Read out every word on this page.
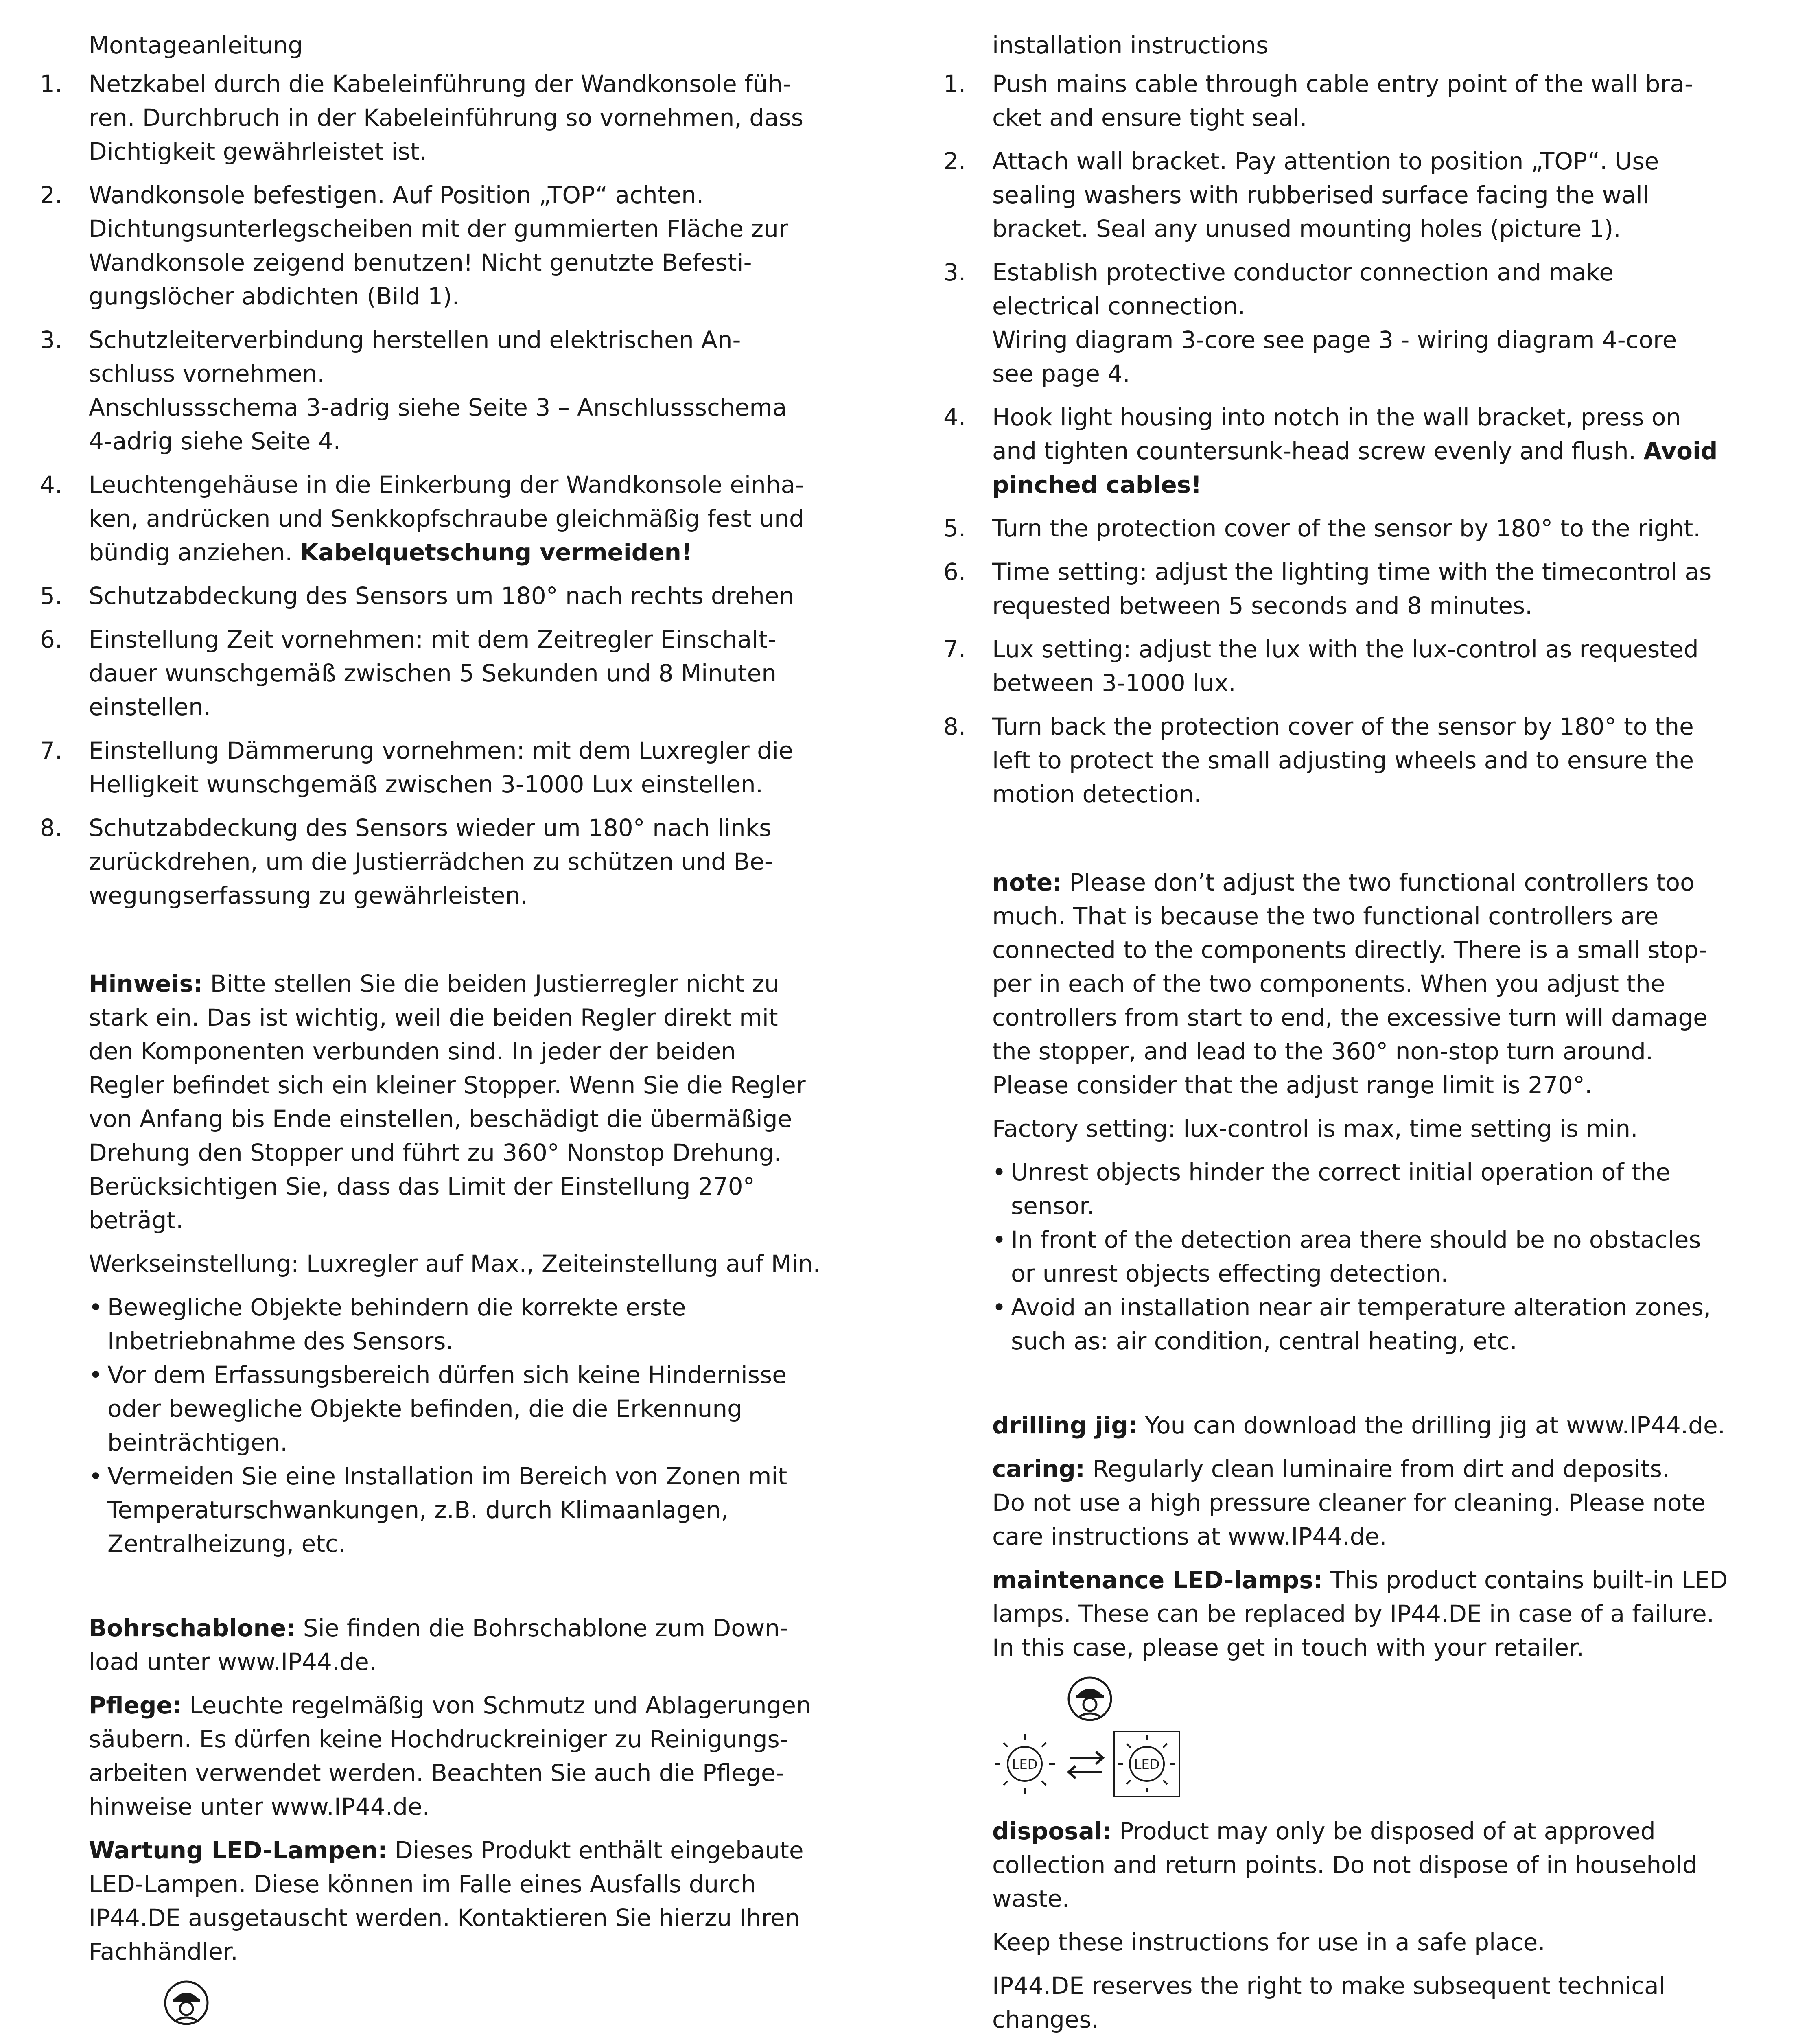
Montageanleitung
1. Netzkabel durch die Kabeleinführung der Wandkonsole füh-
ren. Durchbruch in der Kabeleinführung so vornehmen, dass
Dichtigkeit gewährleistet ist.
2. Wandkonsole befestigen. Auf Position „TOP“ achten.
Dichtungsunterlegscheiben mit der gummierten Fläche zur
Wandkonsole zeigend benutzen! Nicht genutzte Befesti-
gungslöcher abdichten (Bild 1).
3. Schutzleiterverbindung herstellen und elektrischen An-
schluss vornehmen.
Anschlussschema 3-adrig siehe Seite 3 – Anschlussschema
4-adrig siehe Seite 4.
4. Leuchtengehäuse in die Einkerbung der Wandkonsole einha-
ken, andrücken und Senkkopfschraube gleichmäßig fest und
bündig anziehen. Kabelquetschung vermeiden!
5. Schutzabdeckung des Sensors um 180° nach rechts drehen
6. Einstellung Zeit vornehmen: mit dem Zeitregler Einschalt-
dauer wunschgemäß zwischen 5 Sekunden und 8 Minuten
einstellen.
7. Einstellung Dämmerung vornehmen: mit dem Luxregler die
Helligkeit wunschgemäß zwischen 3-1000 Lux einstellen.
8. Schutzabdeckung des Sensors wieder um 180° nach links
zurückdrehen, um die Justierrädchen zu schützen und Be-
wegungserfassung zu gewährleisten.
Hinweis: Bitte stellen Sie die beiden Justierregler nicht zu
stark ein. Das ist wichtig, weil die beiden Regler direkt mit
den Komponenten verbunden sind. In jeder der beiden
Regler befindet sich ein kleiner Stopper. Wenn Sie die Regler
von Anfang bis Ende einstellen, beschädigt die übermäßige
Drehung den Stopper und führt zu 360° Nonstop Drehung.
Berücksichtigen Sie, dass das Limit der Einstellung 270°
beträgt.
Werkseinstellung: Luxregler auf Max., Zeiteinstellung auf Min.
• Bewegliche Objekte behindern die korrekte erste
Inbetriebnahme des Sensors.
• Vor dem Erfassungsbereich dürfen sich keine Hindernisse
oder bewegliche Objekte befinden, die die Erkennung
beinträchtigen.
• Vermeiden Sie eine Installation im Bereich von Zonen mit
Temperaturschwankungen, z.B. durch Klimaanlagen,
Zentralheizung, etc.
Bohrschablone: Sie finden die Bohrschablone zum Down-
load unter www.IP44.de.
Pflege: Leuchte regelmäßig von Schmutz und Ablagerungen
säubern. Es dürfen keine Hochdruckreiniger zu Reinigungs-
arbeiten verwendet werden. Beachten Sie auch die Pflege-
hinweise unter www.IP44.de.
Wartung LED-Lampen: Dieses Produkt enthält eingebaute
LED-Lampen. Diese können im Falle eines Ausfalls durch
IP44.DE ausgetauscht werden. Kontaktieren Sie hierzu Ihren
Fachhändler.
installation instructions
1. Push mains cable through cable entry point of the wall bra-
cket and ensure tight seal.
2. Attach wall bracket. Pay attention to position „TOP“. Use
sealing washers with rubberised surface facing the wall
bracket. Seal any unused mounting holes (picture 1).
3. Establish protective conductor connection and make
electrical connection.
Wiring diagram 3-core see page 3 - wiring diagram 4-core
see page 4.
4. Hook light housing into notch in the wall bracket, press on
and tighten countersunk-head screw evenly and flush. Avoid
pinched cables!
5. Turn the protection cover of the sensor by 180° to the right.
6. Time setting: adjust the lighting time with the timecontrol as
requested between 5 seconds and 8 minutes.
7. Lux setting: adjust the lux with the lux-control as requested
between 3-1000 lux.
8. Turn back the protection cover of the sensor by 180° to the
left to protect the small adjusting wheels and to ensure the
motion detection.
note: Please don’t adjust the two functional controllers too
much. That is because the two functional controllers are
connected to the components directly. There is a small stop-
per in each of the two components. When you adjust the
controllers from start to end, the excessive turn will damage
the stopper, and lead to the 360° non-stop turn around.
Please consider that the adjust range limit is 270°.
Factory setting: lux-control is max, time setting is min.
• Unrest objects hinder the correct initial operation of the
sensor.
• In front of the detection area there should be no obstacles
or unrest objects effecting detection.
• Avoid an installation near air temperature alteration zones,
such as: air condition, central heating, etc.
drilling jig: You can download the drilling jig at www.IP44.de.
caring: Regularly clean luminaire from dirt and deposits.
Do not use a high pressure cleaner for cleaning. Please note
care instructions at www.IP44.de.
maintenance LED-lamps: This product contains built-in LED
lamps. These can be replaced by IP44.DE in case of a failure.
In this case, please get in touch with your retailer.
LED	LED
disposal: Product may only be disposed of at approved
collection and return points. Do not dispose of in household
waste.
Keep these instructions for use in a safe place.
IP44.DE reserves the right to make subsequent technical
changes.
